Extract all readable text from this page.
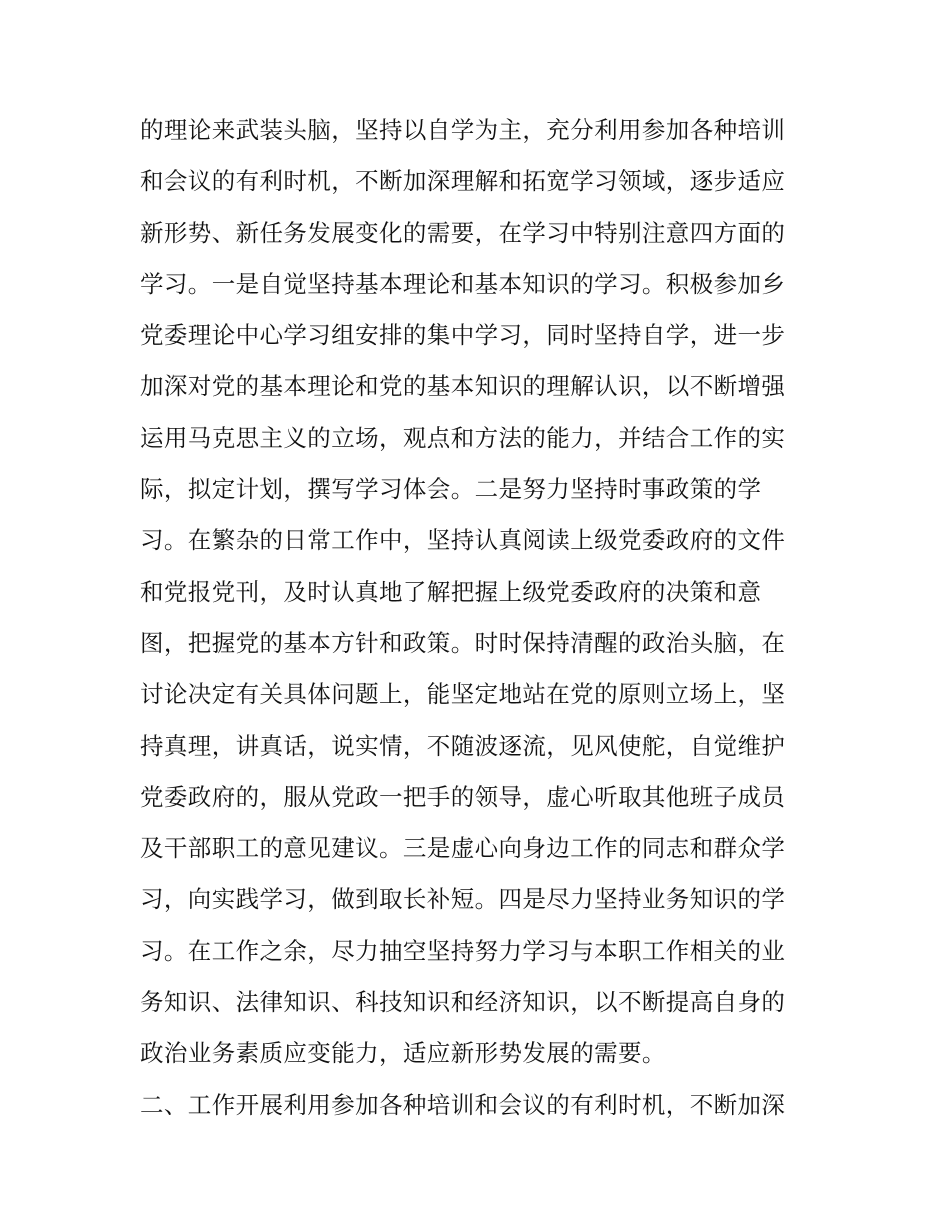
的理论来武装头脑，坚持以自学为主，充分利用参加各种培训

和会议的有利时机，不断加深理解和拓宽学习领域，逐步适应

新形势、新任务发展变化的需要，在学习中特别注意四方面的

学习。一是自觉坚持基本理论和基本知识的学习。积极参加乡

党委理论中心学习组安排的集中学习，同时坚持自学，进一步

加深对党的基本理论和党的基本知识的理解认识，以不断增强

运用马克思主义的立场，观点和方法的能力，并结合工作的实

际，拟定计划，撰写学习体会。二是努力坚持时事政策的学

习。在繁杂的日常工作中，坚持认真阅读上级党委政府的文件

和党报党刊，及时认真地了解把握上级党委政府的决策和意

图，把握党的基本方针和政策。时时保持清醒的政治头脑，在

讨论决定有关具体问题上，能坚定地站在党的原则立场上，坚

持真理，讲真话，说实情，不随波逐流，见风使舵，自觉维护

党委政府的，服从党政一把手的领导，虚心听取其他班子成员

及干部职工的意见建议。三是虚心向身边工作的同志和群众学

习，向实践学习，做到取长补短。四是尽力坚持业务知识的学

习。在工作之余，尽力抽空坚持努力学习与本职工作相关的业

务知识、法律知识、科技知识和经济知识，以不断提高自身的

政治业务素质应变能力，适应新形势发展的需要。

二、工作开展利用参加各种培训和会议的有利时机，不断加深
